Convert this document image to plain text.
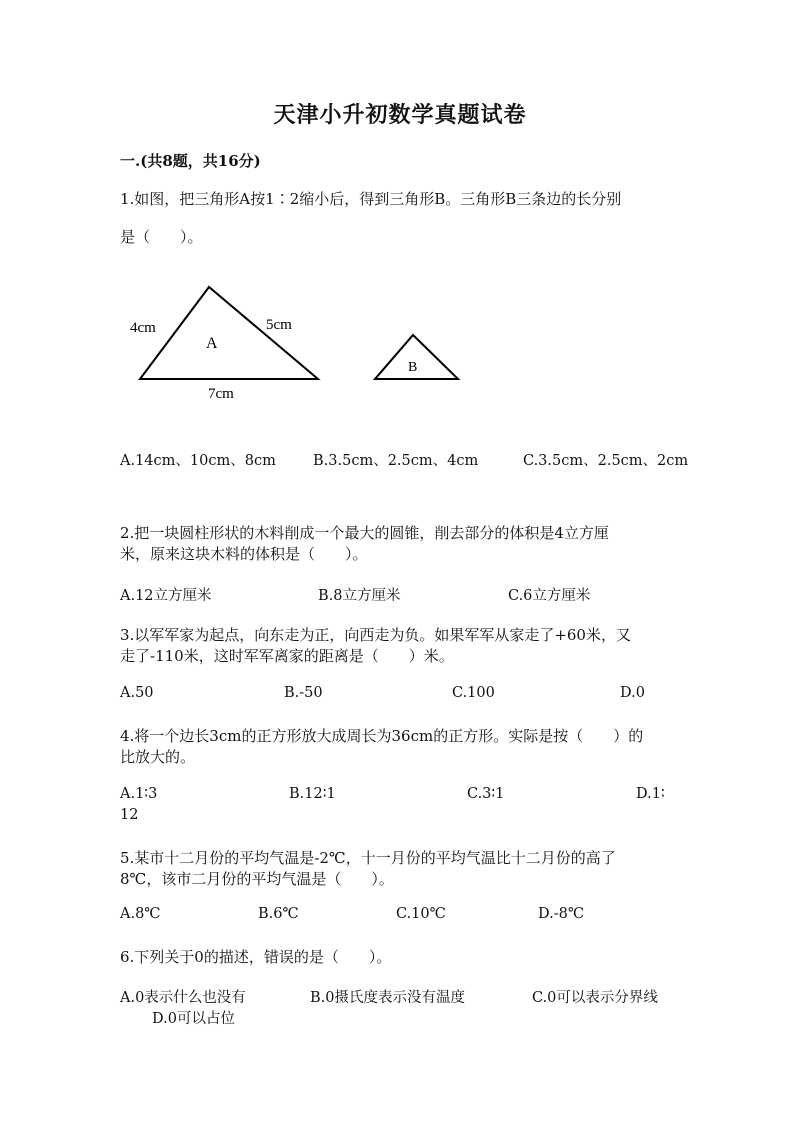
天津小升初数学真题试卷
一.(共8题，共16分)
1.如图，把三角形A按1∶2缩小后，得到三角形B。三角形B三条边的长分别
是（　　）。
4cm	5cm
7cm
A
B
A.14cm、10cm、8cm	B.3.5cm、2.5cm、4cm	C.3.5cm、2.5cm、2cm
2.把一块圆柱形状的木料削成一个最大的圆锥，削去部分的体积是4立方厘
米，原来这块木料的体积是（　　）。
A.12立方厘米	B.8立方厘米	C.6立方厘米
3.以军军家为起点，向东走为正，向西走为负。如果军军从家走了+60米，又
走了-110米，这时军军离家的距离是（　　）米。
A.50	B.-50	C.100	D.0
4.将一个边长3cm的正方形放大成周长为36cm的正方形。实际是按（　　）的
比放大的。
A.1∶3	B.12∶1	C.3∶1	D.1∶
12
5.某市十二月份的平均气温是-2℃，十一月份的平均气温比十二月份的高了
8℃，该市二月份的平均气温是（　　）。
A.8℃	B.6℃	C.10℃	D.-8℃
6.下列关于0的描述，错误的是（　　）。
A.0表示什么也没有	B.0摄氏度表示没有温度	C.0可以表示分界线
D.0可以占位
